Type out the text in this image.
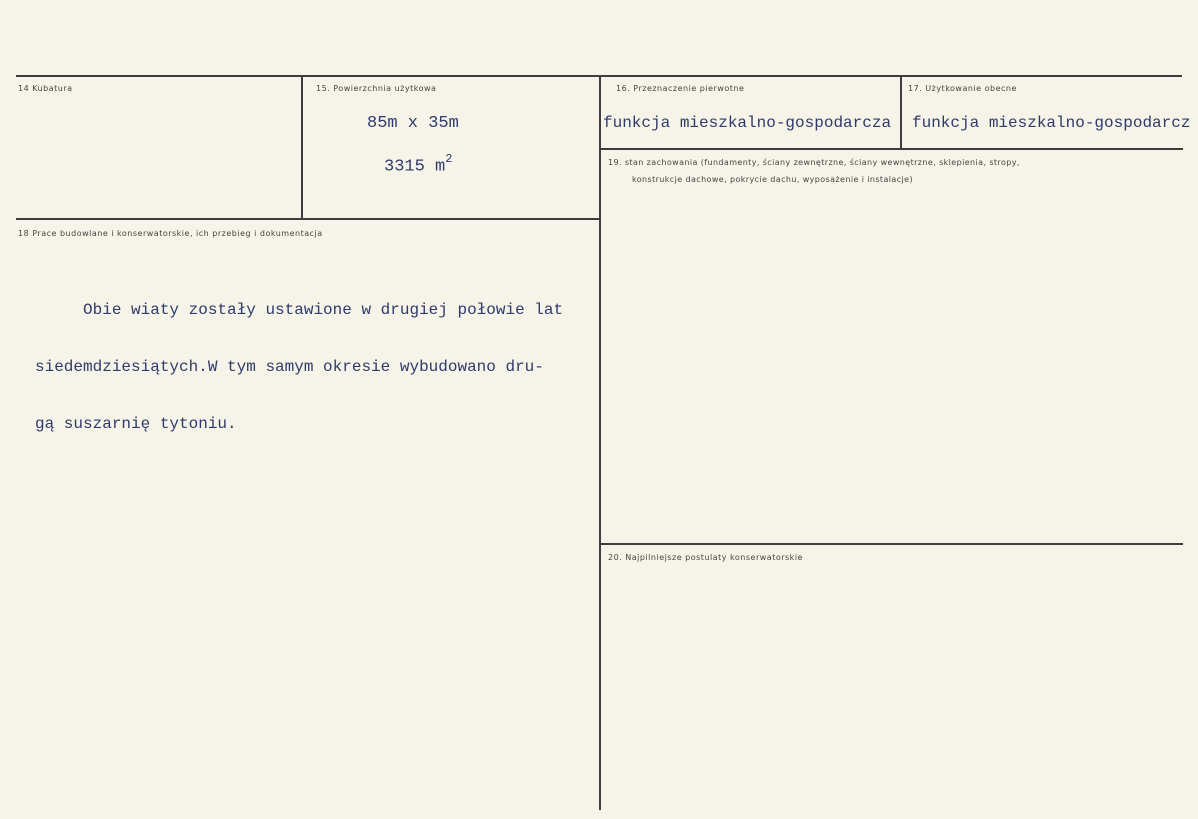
14 Kubatura	15. Powierzchnia użytkowa
85m x 35m
3315 $m^2$
16. Przeznaczenie pierwotne
funkcja mieszkalno-gospodarcza
17. Użytkowanie obecne
funkcja mieszkalno-gospodarcz
18 Prace budowlane i konserwatorskie, ich przebieg i dokumentacja

Obie wiaty zostały ustawione w drugiej połowie lat

siedemdziesiątych.W tym samym okresie wybudowano dru-

gą suszarnię tytoniu.

19. stan zachowania (fundamenty, ściany zewnętrzne, ściany wewnętrzne, sklepienia, stropy,
konstrukcje dachowe, pokrycie dachu, wyposażenie i instalacje)
20. Najpilniejsze postulaty konserwatorskie
